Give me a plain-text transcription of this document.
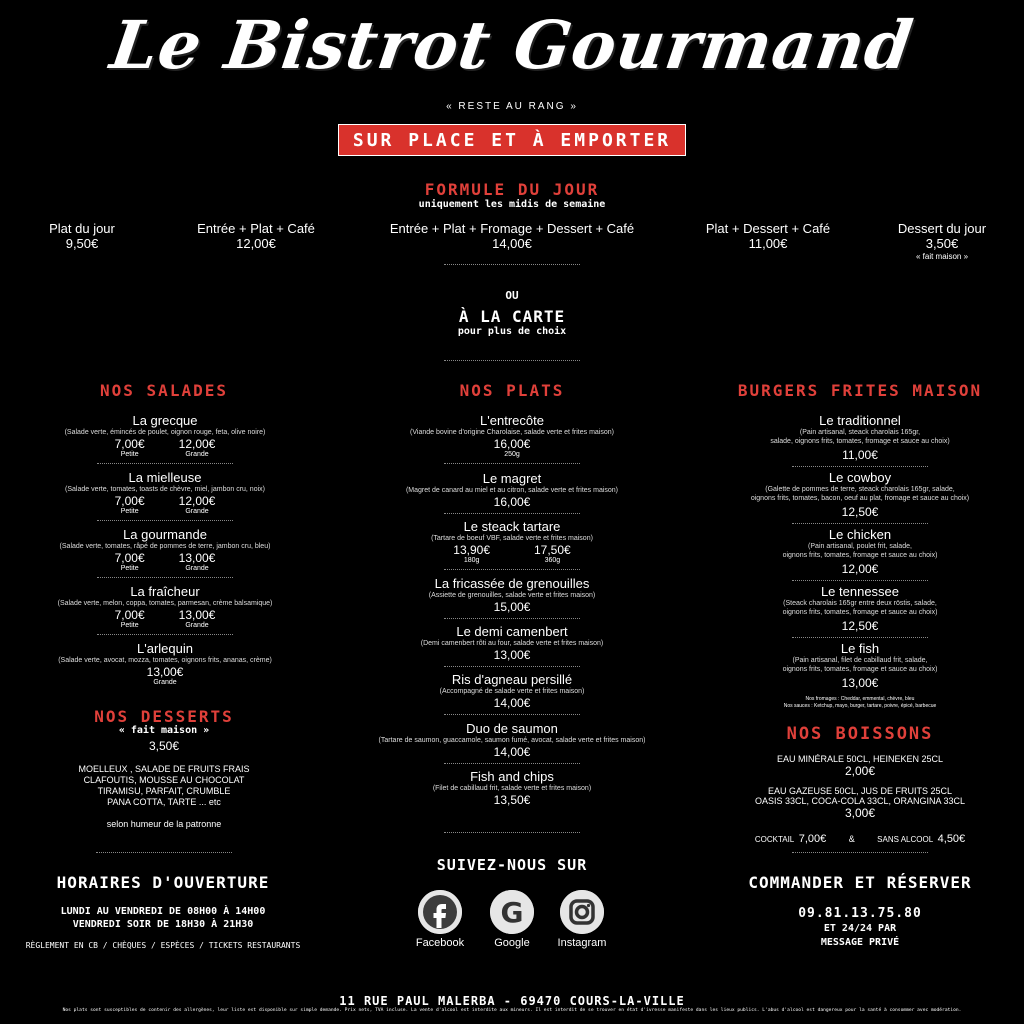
Le Bistrot Gourmand
« RESTE AU RANG »
SUR PLACE ET À EMPORTER
FORMULE DU JOUR
uniquement les midis de semaine
Plat du jour
9,50€
Entrée + Plat + Café
12,00€
Entrée + Plat + Fromage + Dessert + Café
14,00€
Plat + Dessert + Café
11,00€
Dessert du jour
3,50€
« fait maison »
OU
À LA CARTE
pour plus de choix
NOS SALADES
La grecque
(Salade verte, émincés de poulet, oignon rouge, feta, olive noire)
7,00€
Petite
12,00€
Grande
La mielleuse
(Salade verte, tomates, toasts de chèvre, miel, jambon cru, noix)
7,00€
Petite
12,00€
Grande
La gourmande
(Salade verte, tomates, râpé de pommes de terre, jambon cru, bleu)
7,00€
Petite
13,00€
Grande
La fraîcheur
(Salade verte, melon, coppa, tomates, parmesan, crème balsamique)
7,00€
Petite
13,00€
Grande
L'arlequin
(Salade verte, avocat, mozza, tomates, oignons frits, ananas, crème)
13,00€
Grande
NOS DESSERTS
« fait maison »
3,50€
MOELLEUX , SALADE DE FRUITS FRAIS
CLAFOUTIS, MOUSSE AU CHOCOLAT
TIRAMISU, PARFAIT, CRUMBLE
PANA COTTA, TARTE ... etc
selon humeur de la patronne
NOS PLATS
L'entrecôte
(Viande bovine d'origine Charolaise, salade verte et frites maison)
16,00€
250g
Le magret
(Magret de canard au miel et au citron, salade verte et frites maison)
16,00€
Le steack tartare
(Tartare de boeuf VBF, salade verte et frites maison)
13,90€
180g
17,50€
360g
La fricassée de grenouilles
(Assiette de grenouilles, salade verte et frites maison)
15,00€
Le demi camenbert
(Demi camenbert rôti au four, salade verte et frites maison)
13,00€
Ris d'agneau persillé
(Accompagné de salade verte et frites maison)
14,00€
Duo de saumon
(Tartare de saumon, guaccamole, saumon fumé, avocat, salade verte et frites maison)
14,00€
Fish and chips
(Filet de cabillaud frit, salade verte et frites maison)
13,50€
BURGERS FRITES MAISON
Le traditionnel
(Pain artisanal, steack charolais 165gr,
salade, oignons frits, tomates, fromage et sauce au choix)
11,00€
Le cowboy
(Galette de pommes de terre, steack charolais 165gr, salade,
oignons frits, tomates, bacon, oeuf au plat, fromage et sauce au choix)
12,50€
Le chicken
(Pain artisanal, poulet frit, salade,
oignons frits, tomates, fromage et sauce au choix)
12,00€
Le tennessee
(Steack charolais 165gr entre deux röstis, salade,
oignons frits, tomates, fromage et sauce au choix)
12,50€
Le fish
(Pain artisanal, filet de cabillaud frit, salade,
oignons frits, tomates, fromage et sauce au choix)
13,00€
Nos fromages : Cheddar, emmental, chèvre, bleu
Nos sauces : Ketchup, mayo, burger, tartare, poivre, épicé, barbecue
NOS BOISSONS
EAU MINÉRALE 50CL, HEINEKEN 25CL
2,00€
EAU GAZEUSE 50CL, JUS DE FRUITS 25CL
OASIS 33CL, COCA-COLA 33CL, ORANGINA 33CL
3,00€
COCKTAIL 7,00€ &	SANS ALCOOL 4,50€
HORAIRES D'OUVERTURE
LUNDI AU VENDREDI DE 08H00 À 14H00
VENDREDI SOIR DE 18H30 À 21H30
RÈGLEMENT EN CB / CHÈQUES / ESPÈCES / TICKETS RESTAURANTS
SUIVEZ-NOUS SUR
Facebook
G
Google	Instagram
COMMANDER ET RÉSERVER
09.81.13.75.80
ET 24/24 PAR
MESSAGE PRIVÉ
11 RUE PAUL MALERBA - 69470 COURS-LA-VILLE
Nos plats sont susceptibles de contenir des allergènes, leur liste est disponible sur simple demande. Prix nets, TVA incluse. La vente d'alcool est interdite aux mineurs. Il est interdit de se trouver en état d'ivresse manifeste dans les lieux publics. L'abus d'alcool est dangereux pour la santé à consommer avec modération.
